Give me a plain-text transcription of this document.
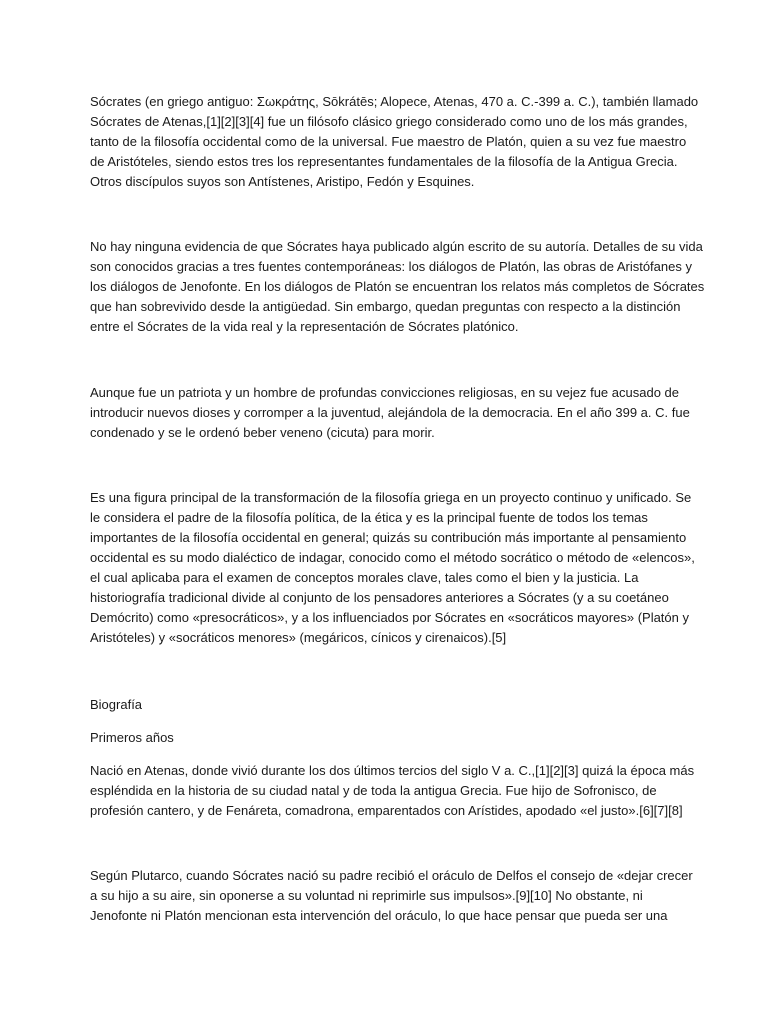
Sócrates (en griego antiguo: Σωκράτης, Sōkrátēs; Alopece, Atenas, 470 a. C.-399 a. C.), también llamado
Sócrates de Atenas,[1][2][3][4] fue un filósofo clásico griego considerado como uno de los más grandes,
tanto de la filosofía occidental como de la universal. Fue maestro de Platón, quien a su vez fue maestro
de Aristóteles, siendo estos tres los representantes fundamentales de la filosofía de la Antigua Grecia.
Otros discípulos suyos son Antístenes, Aristipo, Fedón y Esquines.
No hay ninguna evidencia de que Sócrates haya publicado algún escrito de su autoría. Detalles de su vida
son conocidos gracias a tres fuentes contemporáneas: los diálogos de Platón, las obras de Aristófanes y
los diálogos de Jenofonte. En los diálogos de Platón se encuentran los relatos más completos de Sócrates
que han sobrevivido desde la antigüedad. Sin embargo, quedan preguntas con respecto a la distinción
entre el Sócrates de la vida real y la representación de Sócrates platónico.
Aunque fue un patriota y un hombre de profundas convicciones religiosas, en su vejez fue acusado de
introducir nuevos dioses y corromper a la juventud, alejándola de la democracia. En el año 399 a. C. fue
condenado y se le ordenó beber veneno (cicuta) para morir.
Es una figura principal de la transformación de la filosofía griega en un proyecto continuo y unificado. Se
le considera el padre de la filosofía política, de la ética y es la principal fuente de todos los temas
importantes de la filosofía occidental en general; quizás su contribución más importante al pensamiento
occidental es su modo dialéctico de indagar, conocido como el método socrático o método de «elencos»,
el cual aplicaba para el examen de conceptos morales clave, tales como el bien y la justicia. La
historiografía tradicional divide al conjunto de los pensadores anteriores a Sócrates (y a su coetáneo
Demócrito) como «presocráticos», y a los influenciados por Sócrates en «socráticos mayores» (Platón y
Aristóteles) y «socráticos menores» (megáricos, cínicos y cirenaicos).[5]
Biografía
Primeros años
Nació en Atenas, donde vivió durante los dos últimos tercios del siglo V a. C.,[1][2][3] quizá la época más
espléndida en la historia de su ciudad natal y de toda la antigua Grecia. Fue hijo de Sofronisco, de
profesión cantero, y de Fenáreta, comadrona, emparentados con Arístides, apodado «el justo».[6][7][8]
Según Plutarco, cuando Sócrates nació su padre recibió el oráculo de Delfos el consejo de «dejar crecer
a su hijo a su aire, sin oponerse a su voluntad ni reprimirle sus impulsos».[9][10] No obstante, ni
Jenofonte ni Platón mencionan esta intervención del oráculo, lo que hace pensar que pueda ser una
